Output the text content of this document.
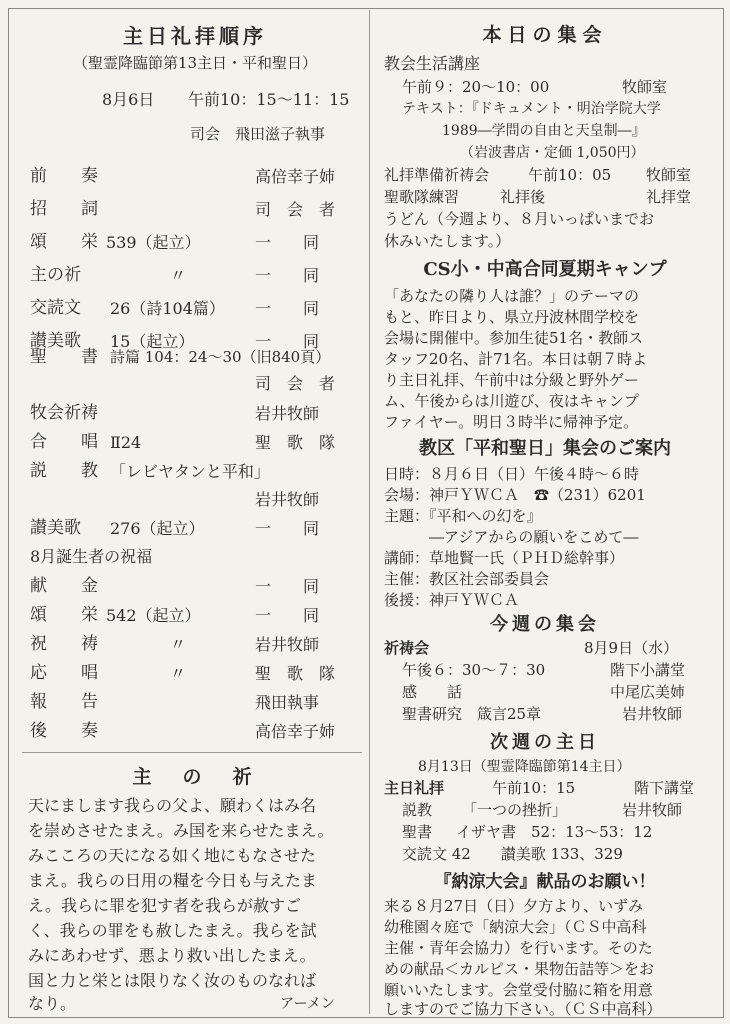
主日礼拝順序
（聖霊降臨節第13主日・平和聖日）
8月6日 午前10：15～11：15
司会　飛田滋子執事
前　　奏	高倍幸子姉
招　　詞	司　会　者
頌　　栄 539（起立）	一　　同
主の祈	〃	一　　同
交読文 26（詩104篇） 一　　同
讃美歌 15（起立）	一　　同
聖　　書 詩篇 104：24～30（旧840頁）
司　会　者
牧会祈祷	岩井牧師
合　　唱 Ⅱ24	聖　歌　隊
説　　教 「レビヤタンと平和」
岩井牧師
讃美歌 276（起立）	一　　同
8月誕生者の祝福
献　　金	一　　同
頌　　栄 542（起立）	一　　同
祝　　祷	〃	岩井牧師
応　　唱	〃	聖　歌　隊
報　　告	飛田執事
後　　奏	高倍幸子姉
主　の　祈
天にまします我らの父よ、願わくはみ名
を崇めさせたまえ。み国を来らせたまえ。
みこころの天になる如く地にもなさせた
まえ。我らの日用の糧を今日も与えたま
え。我らに罪を犯す者を我らが赦すご
く、我らの罪をも赦したまえ。我らを試
みにあわせず、悪より救い出したまえ。
国と力と栄とは限りなく汝のものなれば
なり。	アーメン
本日の集会
教会生活講座
午前９：20～10：00	牧師室
テキスト：『ドキュメント・明治学院大学
1989―学問の自由と天皇制―』
（岩波書店・定価 1,050円）
礼拝準備祈祷会	午前10：05 牧師室
聖歌隊練習	礼拝後	礼拝堂
うどん（今週より、８月いっぱいまでお
休みいたします。）
CS小・中高合同夏期キャンプ
「あなたの隣り人は誰？」のテーマの
もと、昨日より、県立丹波林間学校を
会場に開催中。参加生徒51名・教師ス
タッフ20名、計71名。本日は朝７時よ
り主日礼拝、午前中は分級と野外ゲー
ム、午後からは川遊び、夜はキャンプ
ファイヤー。明日３時半に帰神予定。
教区「平和聖日」集会のご案内
日時：８月６日（日）午後４時～６時
会場：神戸ＹＷＣＡ　☎（231）6201
主題：『平和への幻を』
　　　―アジアからの願いをこめて―
講師：草地賢一氏（ＰＨＤ総幹事）
主催：教区社会部委員会
後援：神戸ＹＷＣＡ
今週の集会
祈祷会	8月9日（水）
午後６：30～７：30	階下小講堂
感　　話	中尾広美姉
聖書研究　箴言25章	岩井牧師
次週の主日
8月13日（聖霊降臨節第14主日）
主日礼拝	午前10：15	階下講堂
説教 「一つの挫折」	岩井牧師
聖書 イザヤ書　52：13～53：12
交読文 42　　讃美歌 133、329
『納涼大会』献品のお願い！
来る８月27日（日）夕方より、いずみ
幼稚園々庭で「納涼大会」（ＣＳ中高科
主催・青年会協力）を行います。そのた
めの献品＜カルピス・果物缶詰等＞をお
願いいたします。会堂受付脇に箱を用意
しますのでご協力下さい。（ＣＳ中高科）
